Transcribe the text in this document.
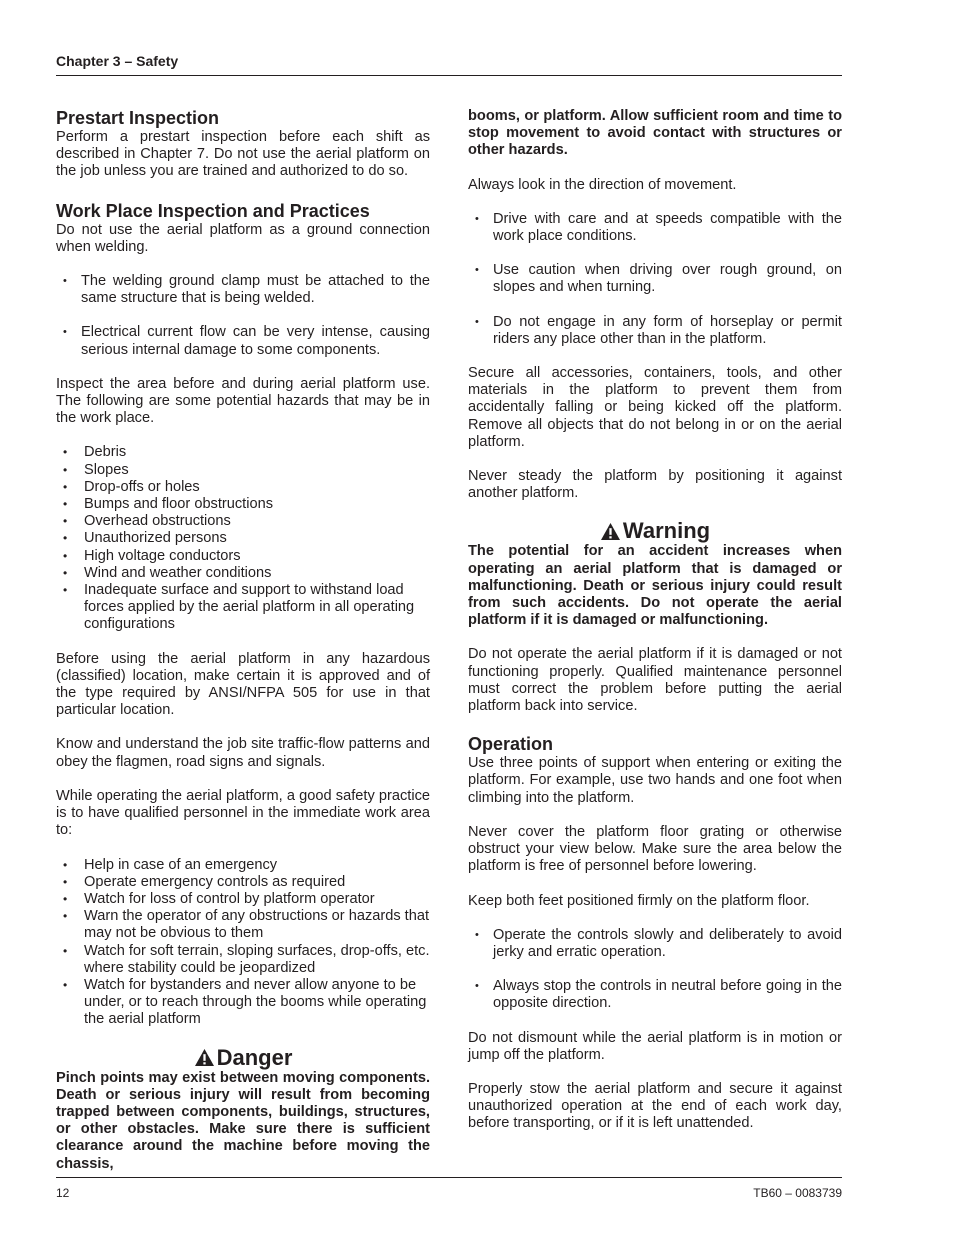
Chapter 3 – Safety
Prestart Inspection

Perform a prestart inspection before each shift as described in Chapter 7. Do not use the aerial platform on the job unless you are trained and authorized to do so.

Work Place Inspection and Practices

Do not use the aerial platform as a ground connection when welding.

• The welding ground clamp must be attached to the same structure that is being welded.
• Electrical current flow can be very intense, causing serious internal damage to some components.

Inspect the area before and during aerial platform use. The following are some potential hazards that may be in the work place.

• Debris
• Slopes
• Drop-offs or holes
• Bumps and floor obstructions
• Overhead obstructions
• Unauthorized persons
• High voltage conductors
• Wind and weather conditions
• Inadequate surface and support to withstand load forces applied by the aerial platform in all operating configurations

Before using the aerial platform in any hazardous (classified) location, make certain it is approved and of the type required by ANSI/NFPA 505 for use in that particular location.

Know and understand the job site traffic-flow patterns and obey the flagmen, road signs and signals.

While operating the aerial platform, a good safety practice is to have qualified personnel in the immediate work area to:

• Help in case of an emergency
• Operate emergency controls as required
• Watch for loss of control by platform operator
• Warn the operator of any obstructions or hazards that may not be obvious to them
• Watch for soft terrain, sloping surfaces, drop-offs, etc. where stability could be jeopardized
• Watch for bystanders and never allow anyone to be under, or to reach through the booms while operating the aerial platform
Danger

Pinch points may exist between moving components. Death or serious injury will result from becoming trapped between components, buildings, structures, or other obstacles. Make sure there is sufficient clearance around the machine before moving the chassis,

booms, or platform. Allow sufficient room and time to stop movement to avoid contact with structures or other hazards.

Always look in the direction of movement.

• Drive with care and at speeds compatible with the work place conditions.
• Use caution when driving over rough ground, on slopes and when turning.
• Do not engage in any form of horseplay or permit riders any place other than in the platform.

Secure all accessories, containers, tools, and other materials in the platform to prevent them from accidentally falling or being kicked off the platform. Remove all objects that do not belong in or on the aerial platform.

Never steady the platform by positioning it against another platform.

Warning

The potential for an accident increases when operating an aerial platform that is damaged or malfunctioning. Death or serious injury could result from such accidents. Do not operate the aerial platform if it is damaged or malfunctioning.

Do not operate the aerial platform if it is damaged or not functioning properly. Qualified maintenance personnel must correct the problem before putting the aerial platform back into service.

Operation

Use three points of support when entering or exiting the platform. For example, use two hands and one foot when climbing into the platform.

Never cover the platform floor grating or otherwise obstruct your view below. Make sure the area below the platform is free of personnel before lowering.

Keep both feet positioned firmly on the platform floor.

• Operate the controls slowly and deliberately to avoid jerky and erratic operation.
• Always stop the controls in neutral before going in the opposite direction.

Do not dismount while the aerial platform is in motion or jump off the platform.

Properly stow the aerial platform and secure it against unauthorized operation at the end of each work day, before transporting, or if it is left unattended.

12	TB60 – 0083739
